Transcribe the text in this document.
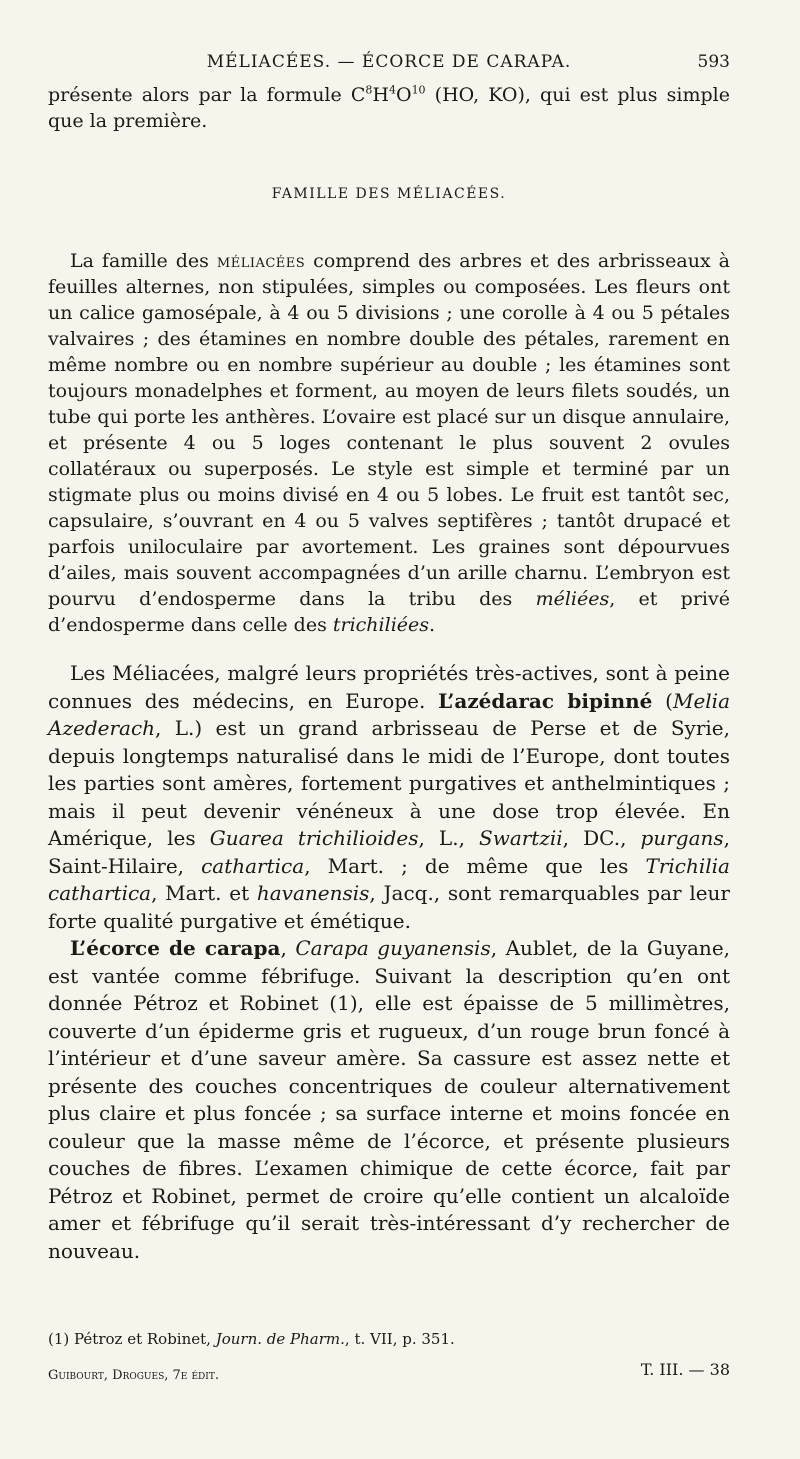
MÉLIACÉES. — ÉCORCE DE CARAPA.	593

présente alors par la formule $C^8H^4O^{10}$ (HO, KO), qui est plus simple que la première.

FAMILLE DES MÉLIACÉES.

La famille des méliacées comprend des arbres et des arbrisseaux à feuilles alternes, non stipulées, simples ou composées. Les fleurs ont un calice gamosépale, à 4 ou 5 divisions ; une corolle à 4 ou 5 pétales valvaires ; des étamines en nombre double des pétales, rarement en même nombre ou en nombre supérieur au double ; les étamines sont toujours monadelphes et forment, au moyen de leurs filets soudés, un tube qui porte les anthères. L’ovaire est placé sur un disque annulaire, et présente 4 ou 5 loges contenant le plus souvent 2 ovules collatéraux ou superposés. Le style est simple et terminé par un stigmate plus ou moins divisé en 4 ou 5 lobes. Le fruit est tantôt sec, capsulaire, s’ouvrant en 4 ou 5 valves septifères ; tantôt drupacé et parfois uniloculaire par avortement. Les graines sont dépourvues d’ailes, mais souvent accompagnées d’un arille charnu. L’embryon est pourvu d’endosperme dans la tribu des méliées, et privé d’endosperme dans celle des trichiliées.

Les Méliacées, malgré leurs propriétés très-actives, sont à peine connues des médecins, en Europe. L’azédarac bipinné (Melia Azederach, L.) est un grand arbrisseau de Perse et de Syrie, depuis longtemps naturalisé dans le midi de l’Europe, dont toutes les parties sont amères, fortement purgatives et anthelmintiques ; mais il peut devenir vénéneux à une dose trop élevée. En Amérique, les Guarea trichilioides, L., Swartzii, DC., purgans, Saint-Hilaire, cathartica, Mart. ; de même que les Trichilia cathartica, Mart. et havanensis, Jacq., sont remarquables par leur forte qualité purgative et émétique.

L’écorce de carapa, Carapa guyanensis, Aublet, de la Guyane, est vantée comme fébrifuge. Suivant la description qu’en ont donnée Pétroz et Robinet (1), elle est épaisse de 5 millimètres, couverte d’un épiderme gris et rugueux, d’un rouge brun foncé à l’intérieur et d’une saveur amère. Sa cassure est assez nette et présente des couches concentriques de couleur alternativement plus claire et plus foncée ; sa surface interne et moins foncée en couleur que la masse même de l’écorce, et présente plusieurs couches de fibres. L’examen chimique de cette écorce, fait par Pétroz et Robinet, permet de croire qu’elle contient un alcaloïde amer et fébrifuge qu’il serait très-intéressant d’y rechercher de nouveau.

(1) Pétroz et Robinet, Journ. de Pharm., t. VII, p. 351.
Guibourt, Drogues, 7e édit.	T. III. — 38
